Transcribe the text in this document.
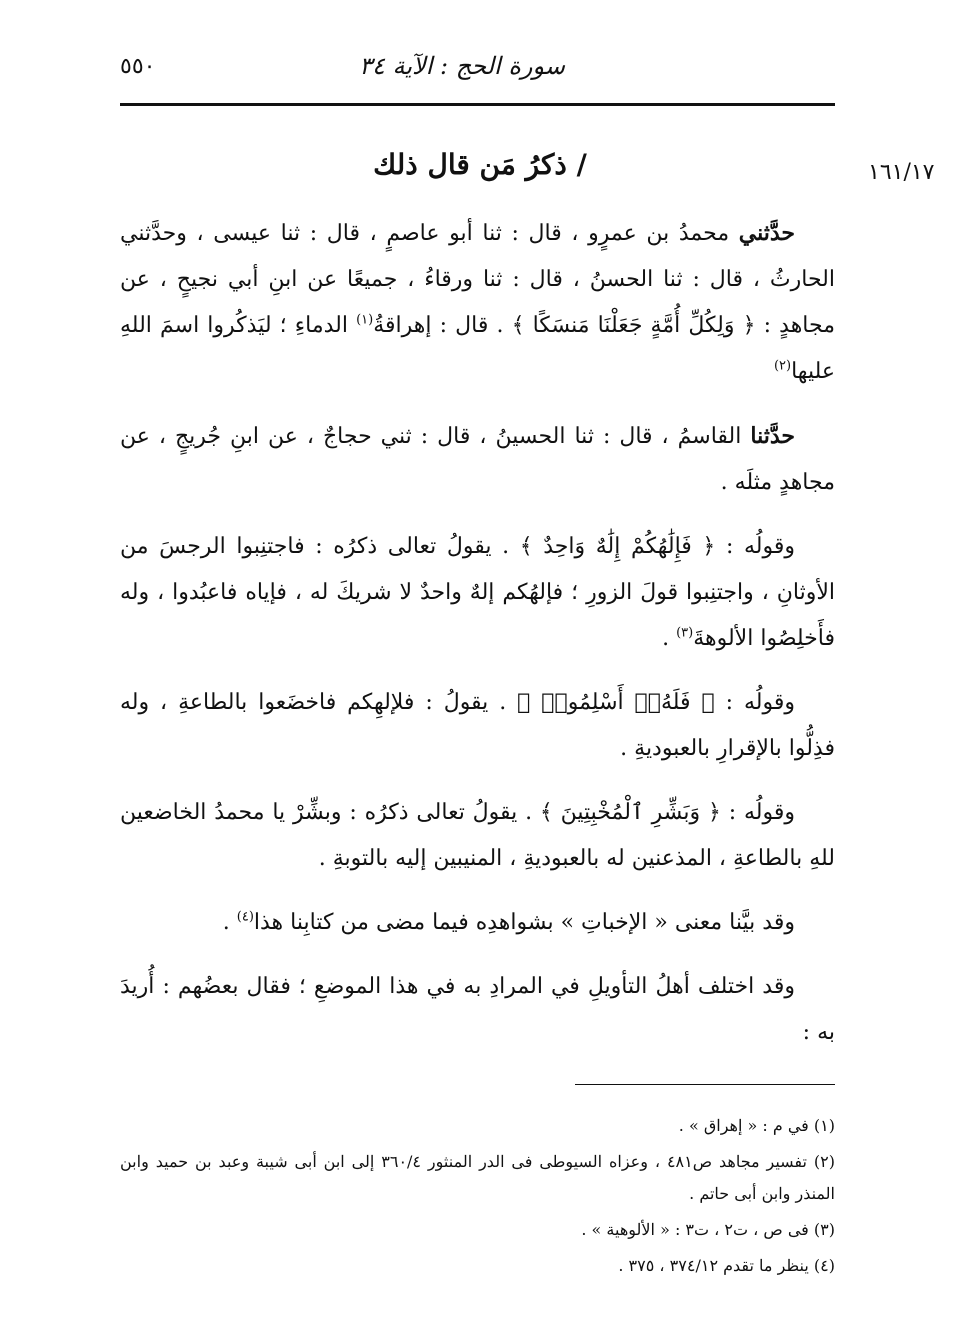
٥٥٠	سورة الحج : الآية ٣٤
١٦١/١٧
/ ذكرُ مَن قال ذلك

حدَّثني محمدُ بن عمرٍو ، قال : ثنا أبو عاصمٍ ، قال : ثنا عيسى ، وحدَّثني الحارثُ ، قال : ثنا الحسنُ ، قال : ثنا ورقاءُ ، جميعًا عن ابنِ أبي نجيحٍ ، عن مجاهدٍ : ﴿ وَلِكُلِّ أُمَّةٍ جَعَلْنَا مَنسَكًا ﴾ . قال : إهراقةُ$^{(١)}$ الدماءِ ؛ ليَذكُروا اسمَ اللهِ عليها$^{(٢)}$

حدَّثنا القاسمُ ، قال : ثنا الحسينُ ، قال : ثني حجاجٌ ، عن ابنِ جُريجٍ ، عن مجاهدٍ مثلَه .

وقولُه : ﴿ فَإِلَٰهُكُمْ إِلَٰهٌ وَاحِدٌ ﴾ . يقولُ تعالى ذكرُه : فاجتنِبوا الرجسَ من الأوثانِ ، واجتنِبوا قولَ الزورِ ؛ فإلهُكم إلهٌ واحدٌ لا شريكَ له ، فإياه فاعبُدوا ، وله فأَخلِصُوا الألوهةَ$^{(٣)}$ .

وقولُه : ﴿ فَلَهُۥٓ أَسْلِمُوا۟ ﴾ . يقولُ : فلإلهِكم فاخضَعوا بالطاعةِ ، وله فذِلُّوا بالإقرارِ بالعبوديةِ .

وقولُه : ﴿ وَبَشِّرِ ٱلْمُخْبِتِينَ ﴾ . يقولُ تعالى ذكرُه : وبشِّرْ يا محمدُ الخاضعين للهِ بالطاعةِ ، المذعنين له بالعبوديةِ ، المنيبين إليه بالتوبةِ .

وقد بيَّنا معنى « الإخباتِ » بشواهدِه فيما مضى من كتابِنا هذا$^{(٤)}$ .

وقد اختلف أهلُ التأويلِ في المرادِ به في هذا الموضعِ ؛ فقال بعضُهم : أُريدَ به :

(١) في م : « إهراق » .

(٢) تفسير مجاهد ص٤٨١ ، وعزاه السيوطى فى الدر المنثور ٣٦٠/٤ إلى ابن أبى شيبة وعبد بن حميد وابن المنذر وابن أبى حاتم .

(٣) فى ص ، ت٢ ، ت٣ : « الألوهية » .

(٤) ينظر ما تقدم ٣٧٤/١٢ ، ٣٧٥ .
